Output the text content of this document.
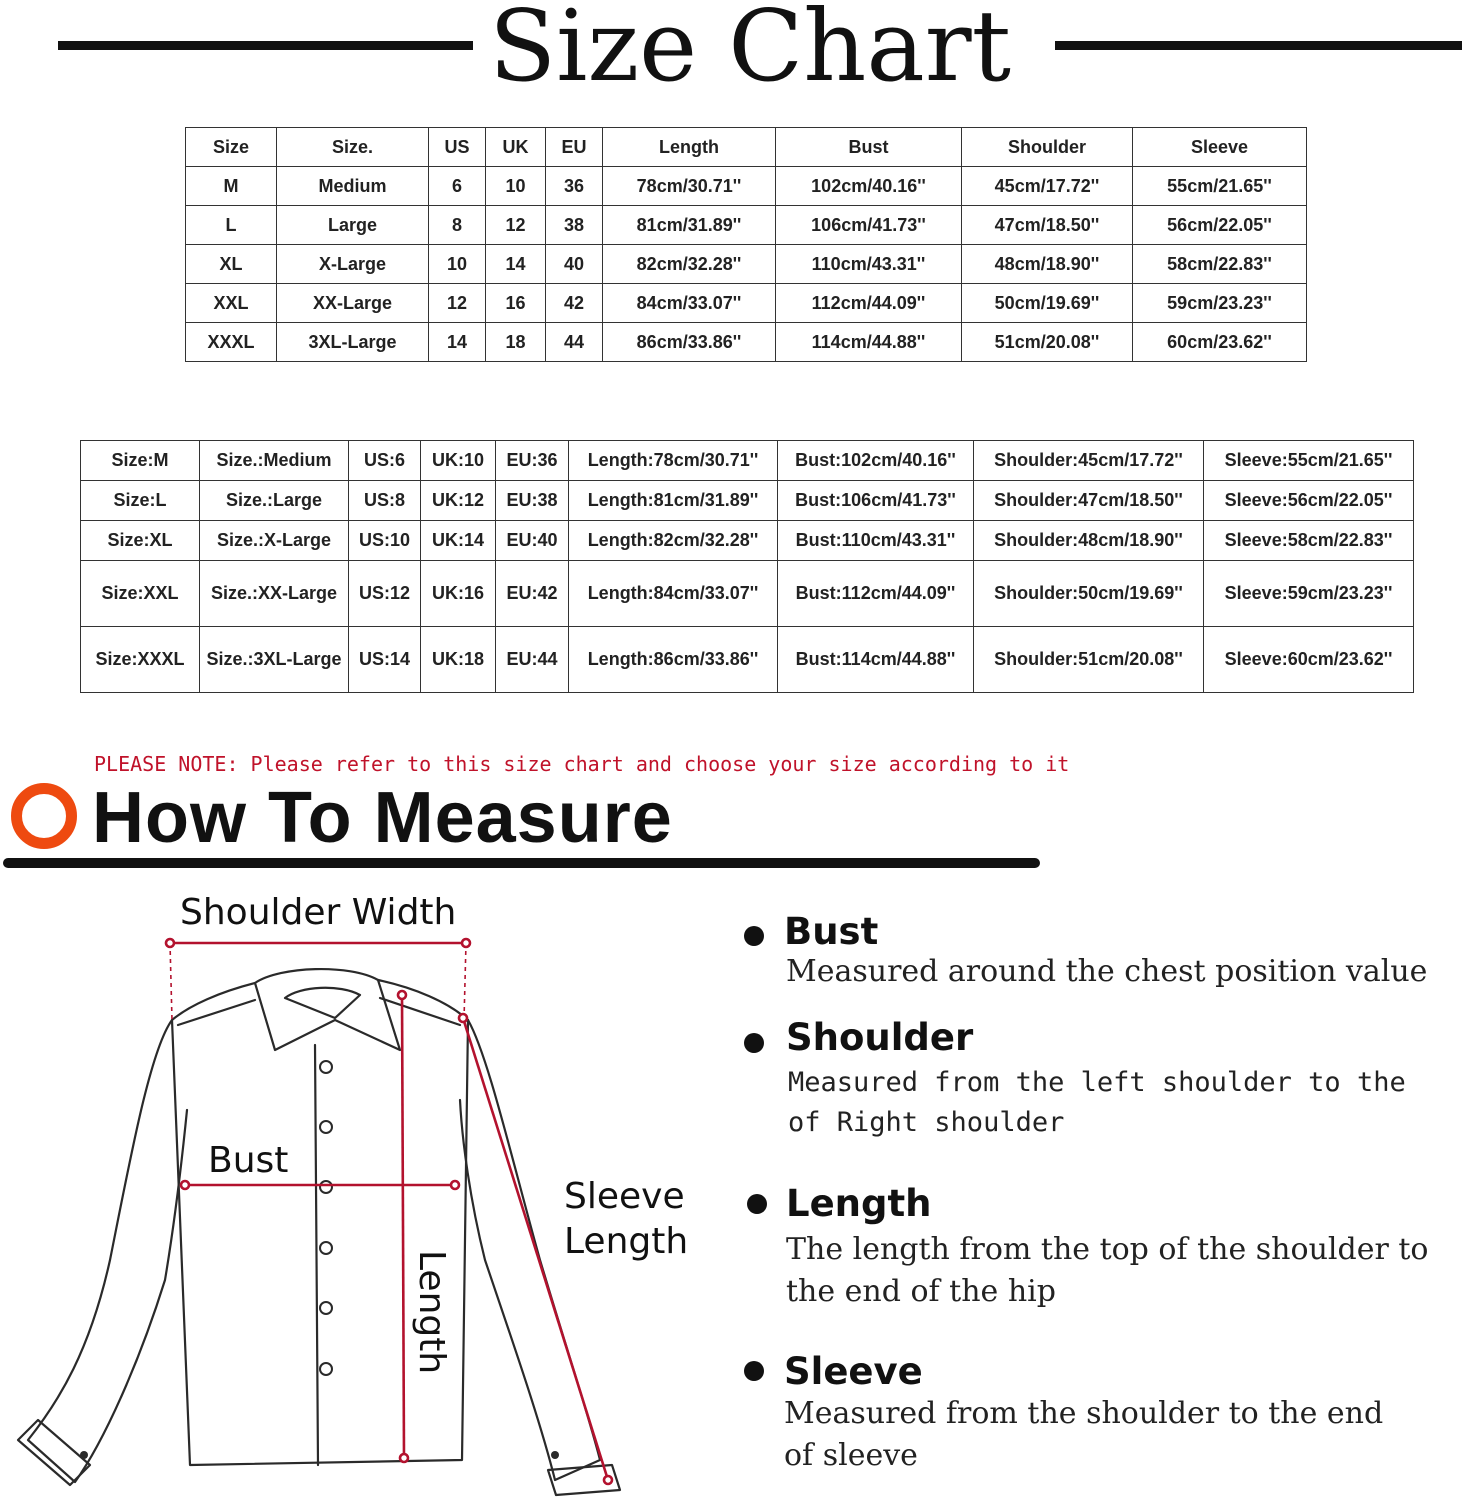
Size Chart
Size	Size.	US	UK	EU	Length	Bust	Shoulder	Sleeve
M	Medium	6	10	36	78cm/30.71''	102cm/40.16''	45cm/17.72''	55cm/21.65''
L	Large	8	12	38	81cm/31.89''	106cm/41.73''	47cm/18.50''	56cm/22.05''
XL	X-Large	10	14	40	82cm/32.28''	110cm/43.31''	48cm/18.90''	58cm/22.83''
XXL	XX-Large	12	16	42	84cm/33.07''	112cm/44.09''	50cm/19.69''	59cm/23.23''
XXXL	3XL-Large	14	18	44	86cm/33.86''	114cm/44.88''	51cm/20.08''	60cm/23.62''
Size:M	Size.:Medium	US:6	UK:10	EU:36	Length:78cm/30.71''	Bust:102cm/40.16''	Shoulder:45cm/17.72''	Sleeve:55cm/21.65''
Size:L	Size.:Large	US:8	UK:12	EU:38	Length:81cm/31.89''	Bust:106cm/41.73''	Shoulder:47cm/18.50''	Sleeve:56cm/22.05''
Size:XL	Size.:X-Large	US:10	UK:14	EU:40	Length:82cm/32.28''	Bust:110cm/43.31''	Shoulder:48cm/18.90''	Sleeve:58cm/22.83''
Size:XXL	Size.:XX-Large	US:12	UK:16	EU:42	Length:84cm/33.07''	Bust:112cm/44.09''	Shoulder:50cm/19.69''	Sleeve:59cm/23.23''
Size:XXXL	Size.:3XL-Large	US:14	UK:18	EU:44	Length:86cm/33.86''	Bust:114cm/44.88''	Shoulder:51cm/20.08''	Sleeve:60cm/23.62''
PLEASE NOTE: Please refer to this size chart and choose your size according to it
How To Measure
Shoulder Width
Bust
Length
Sleeve
Length
Bust
Measured around the chest position value
Shoulder
Measured from the left shoulder to the
of Right shoulder
Length
The length from the top of the shoulder to
the end of the hip
Sleeve
Measured from the shoulder to the end
of sleeve
